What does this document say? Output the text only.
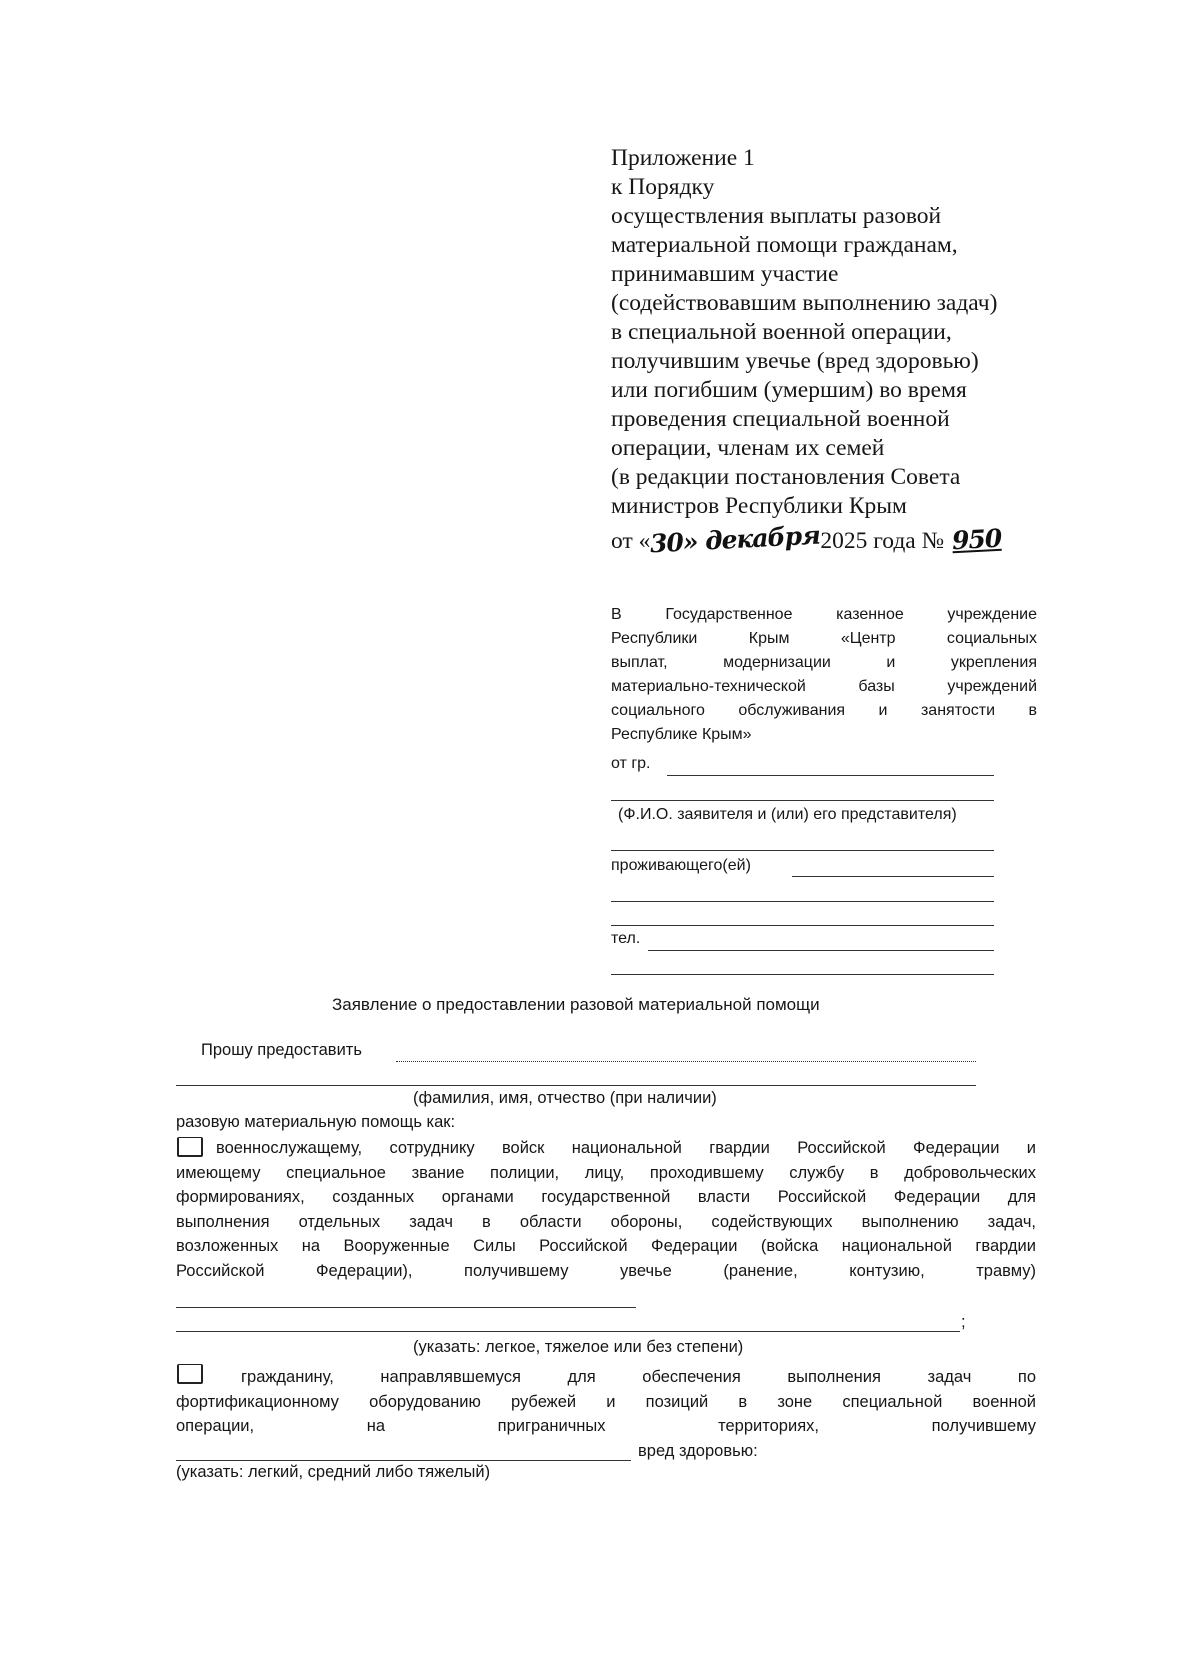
Приложение 1
к Порядку
осуществления выплаты разовой
материальной помощи гражданам,
принимавшим участие
(содействовавшим выполнению задач)
в специальной военной операции,
получившим увечье (вред здоровью)
или погибшим (умершим) во время
проведения специальной военной
операции, членам их семей
(в редакции постановления Совета
министров Республики Крым
от «30» декабря2025 года № 950
В Государственное казенное учреждение
Республики Крым «Центр социальных
выплат, модернизации и укрепления
материально-технической базы учреждений
социального обслуживания и занятости в
Республике Крым»
от гр.
(Ф.И.О. заявителя и (или) его представителя)
проживающего(ей)
тел.
Заявление о предоставлении разовой материальной помощи
Прошу предоставить
(фамилия, имя, отчество (при наличии)
разовую материальную помощь как:
военнослужащему, сотруднику войск национальной гвардии Российской Федерации и
имеющему специальное звание полиции, лицу, проходившему службу в добровольческих
формированиях, созданных органами государственной власти Российской Федерации для
выполнения отдельных задач в области обороны, содействующих выполнению задач,
возложенных на Вооруженные Силы Российской Федерации (войска национальной гвардии
Российской Федерации), получившему увечье (ранение, контузию, травму)
;
(указать: легкое, тяжелое или без степени)
гражданину, направлявшемуся для обеспечения выполнения задач по
фортификационному оборудованию рубежей и позиций в зоне специальной военной
операции, на приграничных территориях, получившему
вред здоровью:
(указать: легкий, средний либо тяжелый)
